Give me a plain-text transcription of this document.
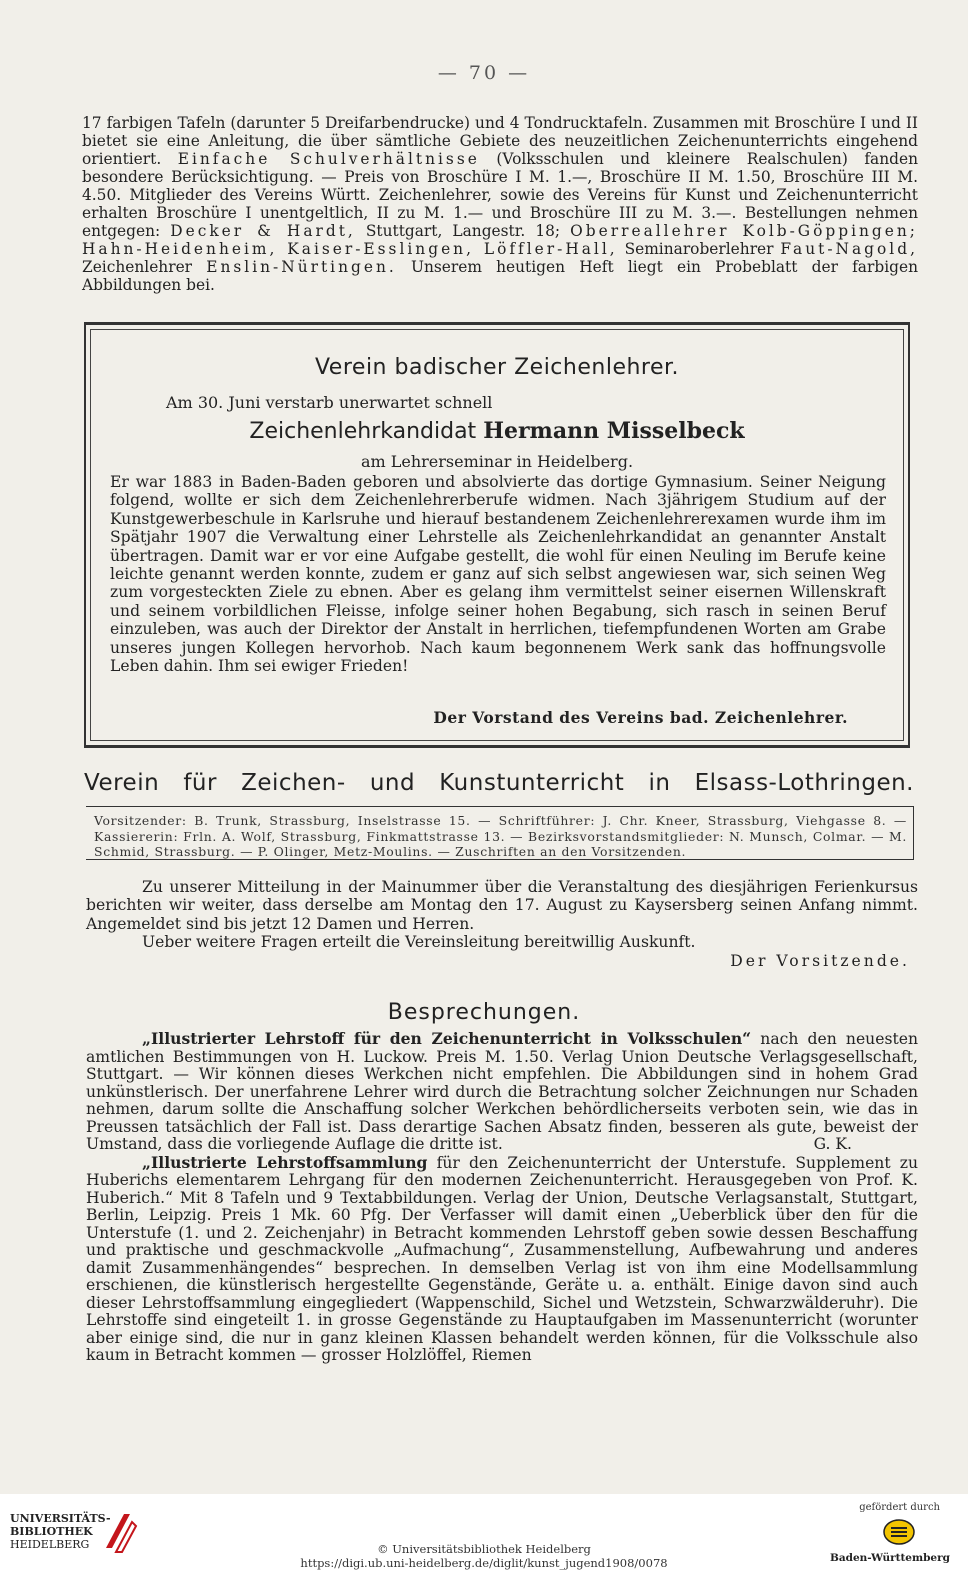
— 70 —

17 farbigen Tafeln (darunter 5 Dreifarbendrucke) und 4 Tondrucktafeln. Zusammen mit Broschüre I und II bietet sie eine Anleitung, die über sämtliche Gebiete des neuzeitlichen Zeichenunterrichts eingehend orientiert. Einfache Schulverhältnisse (Volksschulen und kleinere Realschulen) fanden besondere Berücksichtigung. — Preis von Broschüre I M. 1.—, Broschüre II M. 1.50, Broschüre III M. 4.50. Mitglieder des Vereins Württ. Zeichenlehrer, sowie des Vereins für Kunst und Zeichenunterricht erhalten Broschüre I unentgeltlich, II zu M. 1.— und Broschüre III zu M. 3.—. Bestellungen nehmen entgegen: Decker & Hardt, Stuttgart, Langestr. 18; Oberreallehrer Kolb-Göppingen; Hahn-Heidenheim, Kaiser-Esslingen, Löffler-Hall, Seminaroberlehrer Faut-Nagold, Zeichenlehrer Enslin-Nürtingen. Unserem heutigen Heft liegt ein Probeblatt der farbigen Abbildungen bei.

Verein badischer Zeichenlehrer.
Am 30. Juni verstarb unerwartet schnell
Zeichenlehrkandidat Hermann Misselbeck
am Lehrerseminar in Heidelberg.

Er war 1883 in Baden-Baden geboren und absolvierte das dortige Gymnasium. Seiner Neigung folgend, wollte er sich dem Zeichenlehrerberufe widmen. Nach 3jährigem Studium auf der Kunstgewerbeschule in Karlsruhe und hierauf bestandenem Zeichenlehrerexamen wurde ihm im Spätjahr 1907 die Verwaltung einer Lehrstelle als Zeichenlehrkandidat an genannter Anstalt übertragen. Damit war er vor eine Aufgabe gestellt, die wohl für einen Neuling im Berufe keine leichte genannt werden konnte, zudem er ganz auf sich selbst angewiesen war, sich seinen Weg zum vorgesteckten Ziele zu ebnen. Aber es gelang ihm vermittelst seiner eisernen Willenskraft und seinem vorbildlichen Fleisse, infolge seiner hohen Begabung, sich rasch in seinen Beruf einzuleben, was auch der Direktor der Anstalt in herrlichen, tiefempfundenen Worten am Grabe unseres jungen Kollegen hervorhob. Nach kaum begonnenem Werk sank das hoffnungsvolle Leben dahin. Ihm sei ewiger Frieden!

Der Vorstand des Vereins bad. Zeichenlehrer.
Verein für Zeichen- und Kunstunterricht in Elsass-Lothringen.
Vorsitzender: B. Trunk, Strassburg, Inselstrasse 15. — Schriftführer: J. Chr. Kneer, Strassburg, Viehgasse 8. — Kassiererin: Frln. A. Wolf, Strassburg, Finkmattstrasse 13. — Bezirksvorstandsmitglieder: N. Munsch, Colmar. — M. Schmid, Strassburg. — P. Olinger, Metz-Moulins. — Zuschriften an den Vorsitzenden.

Zu unserer Mitteilung in der Mainummer über die Veranstaltung des diesjährigen Ferienkursus berichten wir weiter, dass derselbe am Montag den 17. August zu Kaysersberg seinen Anfang nimmt. Angemeldet sind bis jetzt 12 Damen und Herren.
Ueber weitere Fragen erteilt die Vereinsleitung bereitwillig Auskunft.

Der Vorsitzende.
Besprechungen.

„Illustrierter Lehrstoff für den Zeichenunterricht in Volksschulen“ nach den neuesten amtlichen Bestimmungen von H. Luckow. Preis M. 1.50. Verlag Union Deutsche Verlagsgesellschaft, Stuttgart. — Wir können dieses Werkchen nicht empfehlen. Die Abbildungen sind in hohem Grad unkünstlerisch. Der unerfahrene Lehrer wird durch die Betrachtung solcher Zeichnungen nur Schaden nehmen, darum sollte die Anschaffung solcher Werkchen behördlicherseits verboten sein, wie das in Preussen tatsächlich der Fall ist. Dass derartige Sachen Absatz finden, besseren als gute, beweist der Umstand, dass die vorliegende Auflage die dritte ist.	G. K.

„Illustrierte Lehrstoffsammlung für den Zeichenunterricht der Unterstufe. Supplement zu Huberichs elementarem Lehrgang für den modernen Zeichenunterricht. Herausgegeben von Prof. K. Huberich.“ Mit 8 Tafeln und 9 Textabbildungen. Verlag der Union, Deutsche Verlagsanstalt, Stuttgart, Berlin, Leipzig. Preis 1 Mk. 60 Pfg. Der Verfasser will damit einen „Ueberblick über den für die Unterstufe (1. und 2. Zeichenjahr) in Betracht kommenden Lehrstoff geben sowie dessen Beschaffung und praktische und geschmackvolle „Aufmachung“, Zusammenstellung, Aufbewahrung und anderes damit Zusammenhängendes“ besprechen. In demselben Verlag ist von ihm eine Modellsammlung erschienen, die künstlerisch hergestellte Gegenstände, Geräte u. a. enthält. Einige davon sind auch dieser Lehrstoffsammlung eingegliedert (Wappenschild, Sichel und Wetzstein, Schwarzwälderuhr). Die Lehrstoffe sind eingeteilt 1. in grosse Gegenstände zu Hauptaufgaben im Massenunterricht (worunter aber einige sind, die nur in ganz kleinen Klassen behandelt werden können, für die Volksschule also kaum in Betracht kommen — grosser Holzlöffel, Riemen

UNIVERSITÄTS-
BIBLIOTHEK
HEIDELBERG	© Universitätsbibliothek Heidelberg
https://digi.ub.uni-heidelberg.de/diglit/kunst_jugend1908/0078
gefördert durch
Baden-Württemberg
